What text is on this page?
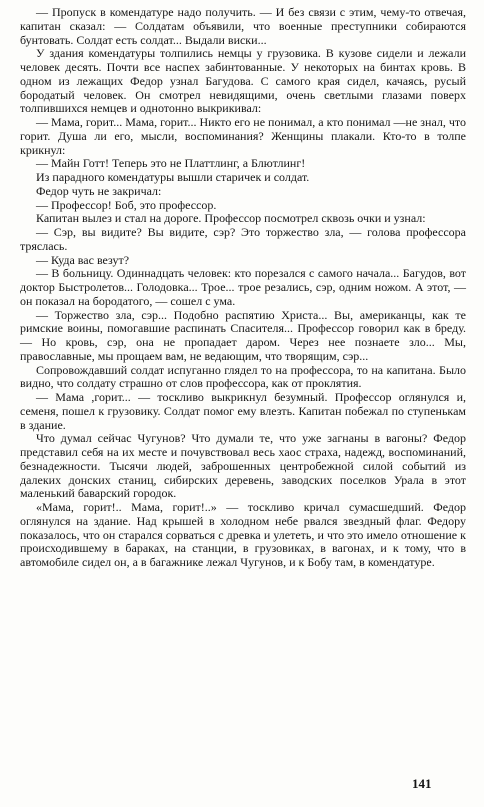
— Пропуск в комендатуре надо получить. — И без связи с этим, чему-то отвечая, капитан сказал: — Солдатам объявили, что военные преступники собираются бунтовать. Солдат есть солдат... Выдали виски...

У здания комендатуры толпились немцы у грузовика. В кузове сидели и лежали человек десять. Почти все наспех забинтованные. У некоторых на бинтах кровь. В одном из лежащих Федор узнал Багудова. С самого края сидел, качаясь, русый бородатый человек. Он смотрел невидящими, очень светлыми глазами поверх толпившихся немцев и однотонно выкрикивал:

— Мама, горит... Мама, горит... Никто его не понимал, а кто понимал —не знал, что горит. Душа ли его, мысли, воспоминания? Женщины плакали. Кто-то в толпе крикнул:

— Майн Готт! Теперь это не Платтлинг, а Блютлинг!

Из парадного комендатуры вышли старичек и солдат.

Федор чуть не закричал:

— Профессор! Боб, это профессор.

Капитан вылез и стал на дороге. Профессор посмотрел сквозь очки и узнал:

— Сэр, вы видите? Вы видите, сэр? Это торжество зла, — голова профессора тряслась.

— Куда вас везут?

— В больницу. Одиннадцать человек: кто порезался с самого начала... Багудов, вот доктор Быстролетов... Голодовка... Трое... трое резались, сэр, одним ножом. А этот, — он показал на бородатого, — сошел с ума.

— Торжество зла, сэр... Подобно распятию Христа... Вы, американцы, как те римские воины, помогавшие распинать Спасителя... Профессор говорил как в бреду. — Но кровь, сэр, она не пропадает даром. Через нее познаете зло... Мы, православные, мы прощаем вам, не ведающим, что творящим, сэр...

Сопровождавший солдат испуганно глядел то на профессора, то на капитана. Было видно, что солдату страшно от слов профессора, как от проклятия.

— Мама ,горит... — тоскливо выкрикнул безумный. Профессор оглянулся и, семеня, пошел к грузовику. Солдат помог ему влезть. Капитан побежал по ступенькам в здание.

Что думал сейчас Чугунов? Что думали те, что уже загнаны в вагоны? Федор представил себя на их месте и почувствовал весь хаос страха, надежд, воспоминаний, безнадежности. Тысячи людей, заброшенных центробежной силой событий из далеких донских станиц, сибирских деревень, заводских поселков Урала в этот маленький баварский городок.

«Мама, горит!.. Мама, горит!..» — тоскливо кричал сумасшедший. Федор оглянулся на здание. Над крышей в холодном небе рвался звездный флаг. Федору показалось, что он старался сорваться с древка и улететь, и что это имело отношение к происходившему в бараках, на станции, в грузовиках, в вагонах, и к тому, что в автомобиле сидел он, а в багажнике лежал Чугунов, и к Бобу там, в комендатуре.

141
